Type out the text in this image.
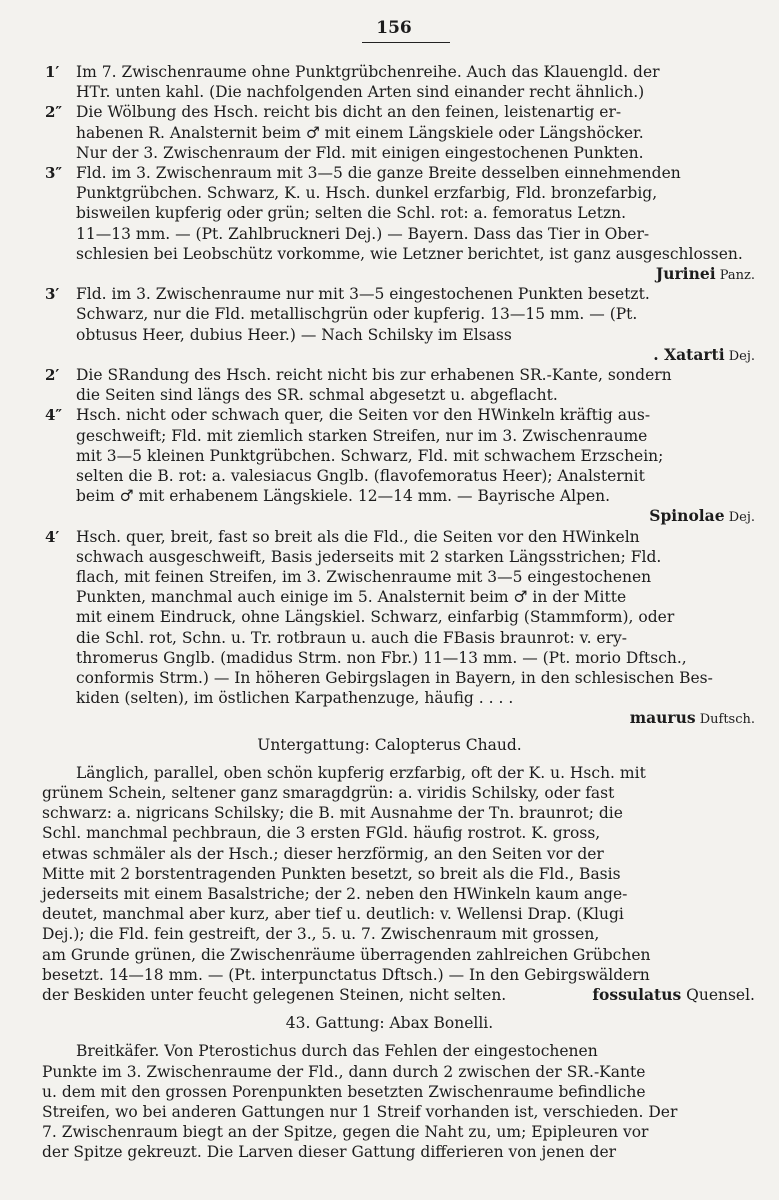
156
1′	Im 7. Zwischenraume ohne Punktgrübchenreihe. Auch das Klauengld. der
HTr. unten kahl. (Die nachfolgenden Arten sind einander recht ähnlich.)
2″ Die Wölbung des Hsch. reicht bis dicht an den feinen, leistenartig er-
habenen R. Analsternit beim ♂ mit einem Längskiele oder Längshöcker.
Nur der 3. Zwischenraum der Fld. mit einigen eingestochenen Punkten.
3″ Fld. im 3. Zwischenraum mit 3—5 die ganze Breite desselben einnehmenden
Punktgrübchen. Schwarz, K. u. Hsch. dunkel erzfarbig, Fld. bronzefarbig,
bisweilen kupferig oder grün; selten die Schl. rot: a. femoratus Letzn.
11—13 mm. — (Pt. Zahlbruckneri Dej.) — Bayern. Dass das Tier in Ober-
schlesien bei Leobschütz vorkomme, wie Letzner berichtet, ist ganz ausgeschlossen.
Jurinei Panz.
3′	Fld. im 3. Zwischenraume nur mit 3—5 eingestochenen Punkten besetzt.
Schwarz, nur die Fld. metallischgrün oder kupferig. 13—15 mm. — (Pt.
obtusus Heer, dubius Heer.) — Nach Schilsky im Elsass
. Xatarti Dej.
2′	Die SRandung des Hsch. reicht nicht bis zur erhabenen SR.-Kante, sondern
die Seiten sind längs des SR. schmal abgesetzt u. abgeflacht.
4″ Hsch. nicht oder schwach quer, die Seiten vor den HWinkeln kräftig aus-
geschweift; Fld. mit ziemlich starken Streifen, nur im 3. Zwischenraume
mit 3—5 kleinen Punktgrübchen. Schwarz, Fld. mit schwachem Erzschein;
selten die B. rot: a. valesiacus Gnglb. (flavofemoratus Heer); Analsternit
beim ♂ mit erhabenem Längskiele. 12—14 mm. — Bayrische Alpen.
Spinolae Dej.
4′	Hsch. quer, breit, fast so breit als die Fld., die Seiten vor den HWinkeln
schwach ausgeschweift, Basis jederseits mit 2 starken Längsstrichen; Fld.
flach, mit feinen Streifen, im 3. Zwischenraume mit 3—5 eingestochenen
Punkten, manchmal auch einige im 5. Analsternit beim ♂ in der Mitte
mit einem Eindruck, ohne Längskiel. Schwarz, einfarbig (Stammform), oder
die Schl. rot, Schn. u. Tr. rotbraun u. auch die FBasis braunrot: v. ery-
thromerus Gnglb. (madidus Strm. non Fbr.) 11—13 mm. — (Pt. morio Dftsch.,
conformis Strm.) — In höheren Gebirgslagen in Bayern, in den schlesischen Bes-
kiden (selten), im östlichen Karpathenzuge, häufig . . . .
maurus Duftsch.
Untergattung: Calopterus Chaud.
Länglich, parallel, oben schön kupferig erzfarbig, oft der K. u. Hsch. mit
grünem Schein, seltener ganz smaragdgrün: a. viridis Schilsky, oder fast
schwarz: a. nigricans Schilsky; die B. mit Ausnahme der Tn. braunrot; die
Schl. manchmal pechbraun, die 3 ersten FGld. häufig rostrot. K. gross,
etwas schmäler als der Hsch.; dieser herzförmig, an den Seiten vor der
Mitte mit 2 borstentragenden Punkten besetzt, so breit als die Fld., Basis
jederseits mit einem Basalstriche; der 2. neben den HWinkeln kaum ange-
deutet, manchmal aber kurz, aber tief u. deutlich: v. Wellensi Drap. (Klugi
Dej.); die Fld. fein gestreift, der 3., 5. u. 7. Zwischenraum mit grossen,
am Grunde grünen, die Zwischenräume überragenden zahlreichen Grübchen
besetzt. 14—18 mm. — (Pt. interpunctatus Dftsch.) — In den Gebirgswäldern
der Beskiden unter feucht gelegenen Steinen, nicht selten.	fossulatus Quensel.
43. Gattung: Abax Bonelli.
Breitkäfer. Von Pterostichus durch das Fehlen der eingestochenen
Punkte im 3. Zwischenraume der Fld., dann durch 2 zwischen der SR.-Kante
u. dem mit den grossen Porenpunkten besetzten Zwischenraume befindliche
Streifen, wo bei anderen Gattungen nur 1 Streif vorhanden ist, verschieden. Der
7. Zwischenraum biegt an der Spitze, gegen die Naht zu, um; Epipleuren vor
der Spitze gekreuzt. Die Larven dieser Gattung differieren von jenen der
